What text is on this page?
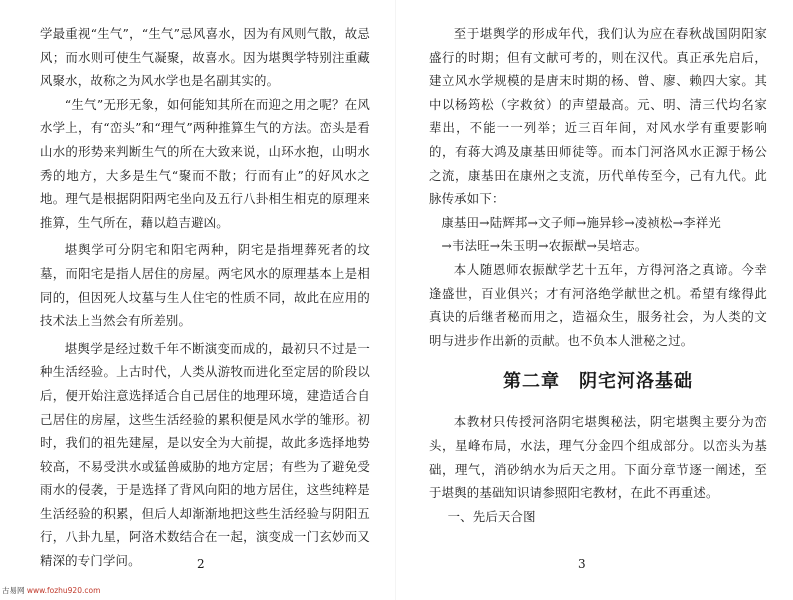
学最重视“生气”，“生气”忌风喜水，因为有风则气散，故忌风；而水则可使生气凝聚，故喜水。因为堪舆学特别注重藏风聚水，故称之为风水学也是名副其实的。

“生气”无形无象，如何能知其所在而迎之用之呢？在风水学上，有“峦头”和“理气”两种推算生气的方法。峦头是看山水的形势来判断生气的所在大致来说，山环水抱，山明水秀的地方，大多是生气“聚而不散；行而有止”的好风水之地。理气是根据阴阳两宅坐向及五行八卦相生相克的原理来推算，生气所在，藉以趋吉避凶。

堪舆学可分阴宅和阳宅两种，阴宅是指埋葬死者的坟墓，而阳宅是指人居住的房屋。两宅风水的原理基本上是相同的，但因死人坟墓与生人住宅的性质不同，故此在应用的技术法上当然会有所差别。

堪舆学是经过数千年不断演变而成的，最初只不过是一种生活经验。上古时代，人类从游牧而进化至定居的阶段以后，便开始注意选择适合自己居住的地理环境，建造适合自己居住的房屋，这些生活经验的累积便是风水学的雏形。初时，我们的祖先建屋，是以安全为大前提，故此多选择地势较高，不易受洪水或猛兽威胁的地方定居；有些为了避免受雨水的侵袭，于是选择了背风向阳的地方居住，这些纯粹是生活经验的积累，但后人却渐渐地把这些生活经验与阴阳五行，八卦九星，阿洛术数结合在一起，演变成一门玄妙而又精深的专门学问。	2

至于堪舆学的形成年代，我们认为应在春秋战国阴阳家盛行的时期；但有文献可考的，则在汉代。真正承先启后，建立风水学规模的是唐末时期的杨、曾、廖、赖四大家。其中以杨筠松（字救贫）的声望最高。元、明、清三代均名家辈出，不能一一列举；近三百年间，对风水学有重要影响的，有蒋大鸿及康基田师徒等。而本门河洛风水正源于杨公之流，康基田在康州之支流，历代单传至今，己有九代。此脉传承如下：

康基田→陆辉邦→文子师→施异轸→凌祯松→李祥光

→韦法旺→朱玉明→农振猷→吴培志。

本人随恩师农振猷学艺十五年，方得河洛之真谛。今幸逢盛世，百业俱兴；才有河洛绝学献世之机。希望有缘得此真诀的后继者秘而用之，造福众生，服务社会，为人类的文明与进步作出新的贡献。也不负本人泄秘之过。

第二章　阴宅河洛基础

本教材只传授河洛阴宅堪舆秘法，阴宅堪舆主要分为峦头，星峰布局，水法，理气分金四个组成部分。以峦头为基础，理气，消砂纳水为后天之用。下面分章节逐一阐述，至于堪舆的基础知识请参照阳宅教材，在此不再重述。

一、先后天合图

3
古易网 www.fozhu920.com
